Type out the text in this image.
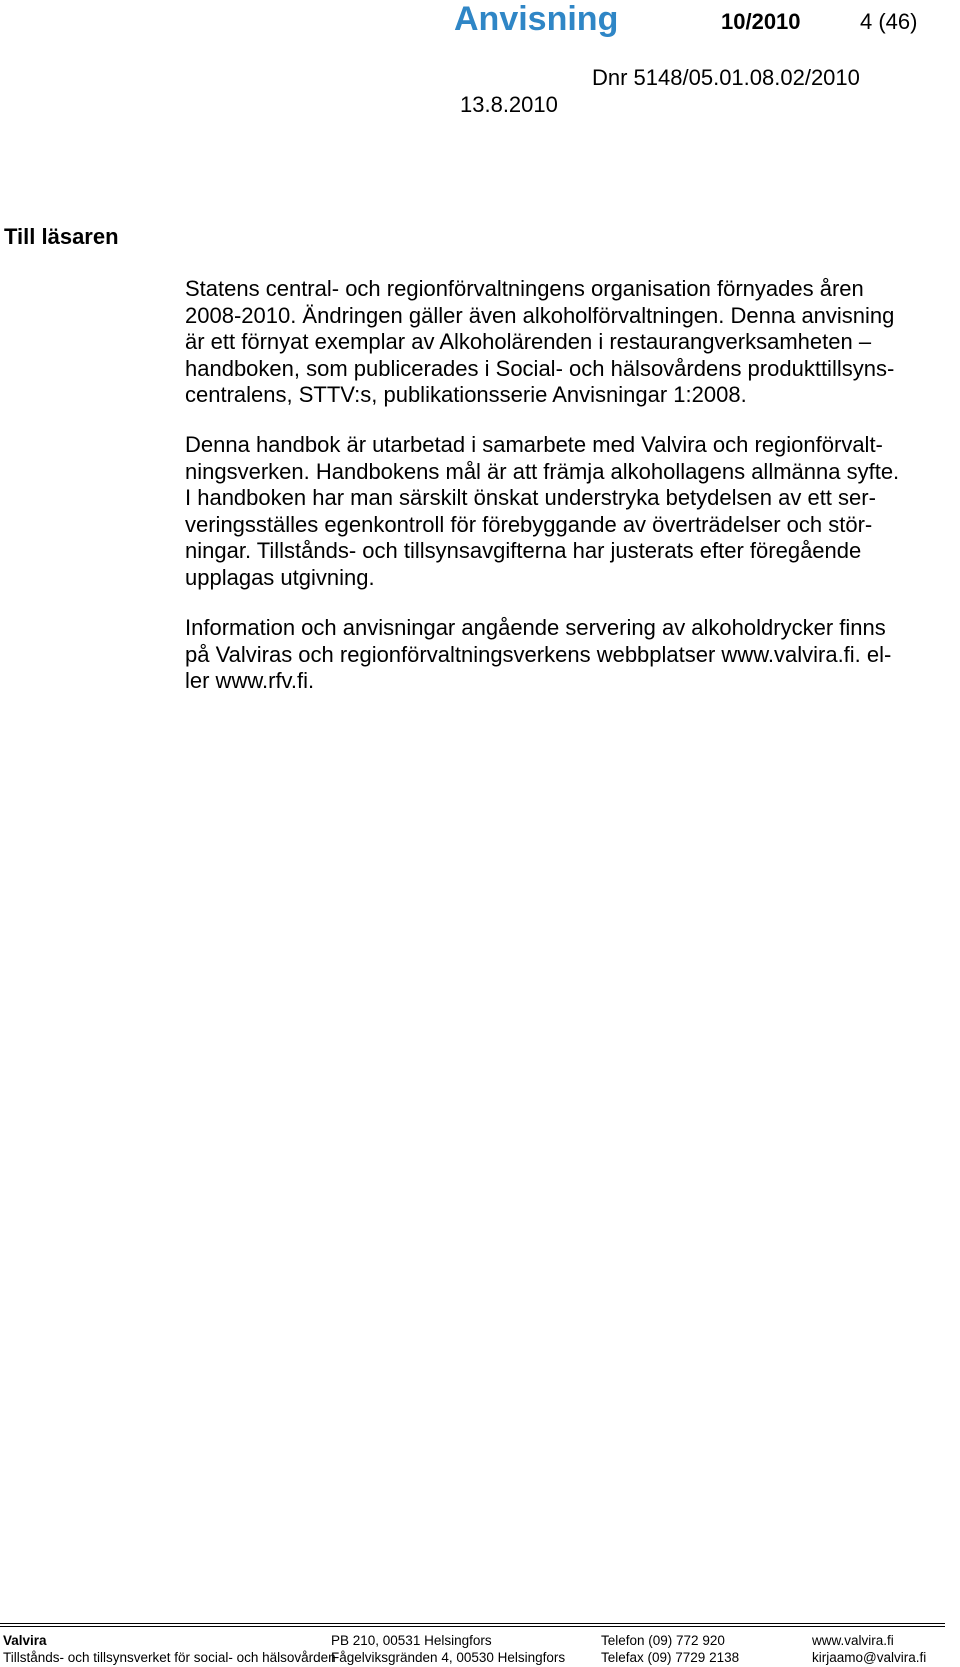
Anvisning	10/2010	4 (46)
Dnr 5148/05.01.08.02/2010
13.8.2010
Till läsaren
Statens central- och regionförvaltningens organisation förnyades åren
2008-2010. Ändringen gäller även alkoholförvaltningen. Denna anvisning
är ett förnyat exemplar av Alkoholärenden i restaurangverksamheten –
handboken, som publicerades i Social- och hälsovårdens produkttillsyns-
centralens, STTV:s, publikationsserie Anvisningar 1:2008.
Denna handbok är utarbetad i samarbete med Valvira och regionförvalt-
ningsverken. Handbokens mål är att främja alkohollagens allmänna syfte.
I handboken har man särskilt önskat understryka betydelsen av ett ser-
veringsställes egenkontroll för förebyggande av överträdelser och stör-
ningar. Tillstånds- och tillsynsavgifterna har justerats efter föregående
upplagas utgivning.
Information och anvisningar angående servering av alkoholdrycker finns
på Valviras och regionförvaltningsverkens webbplatser www.valvira.fi. el-
ler www.rfv.fi.
Valvira
Tillstånds- och tillsynsverket för social- och hälsovården
PB 210, 00531 Helsingfors
Fågelviksgränden 4, 00530 Helsingfors
Telefon (09) 772 920
Telefax (09) 7729 2138
www.valvira.fi
kirjaamo@valvira.fi
